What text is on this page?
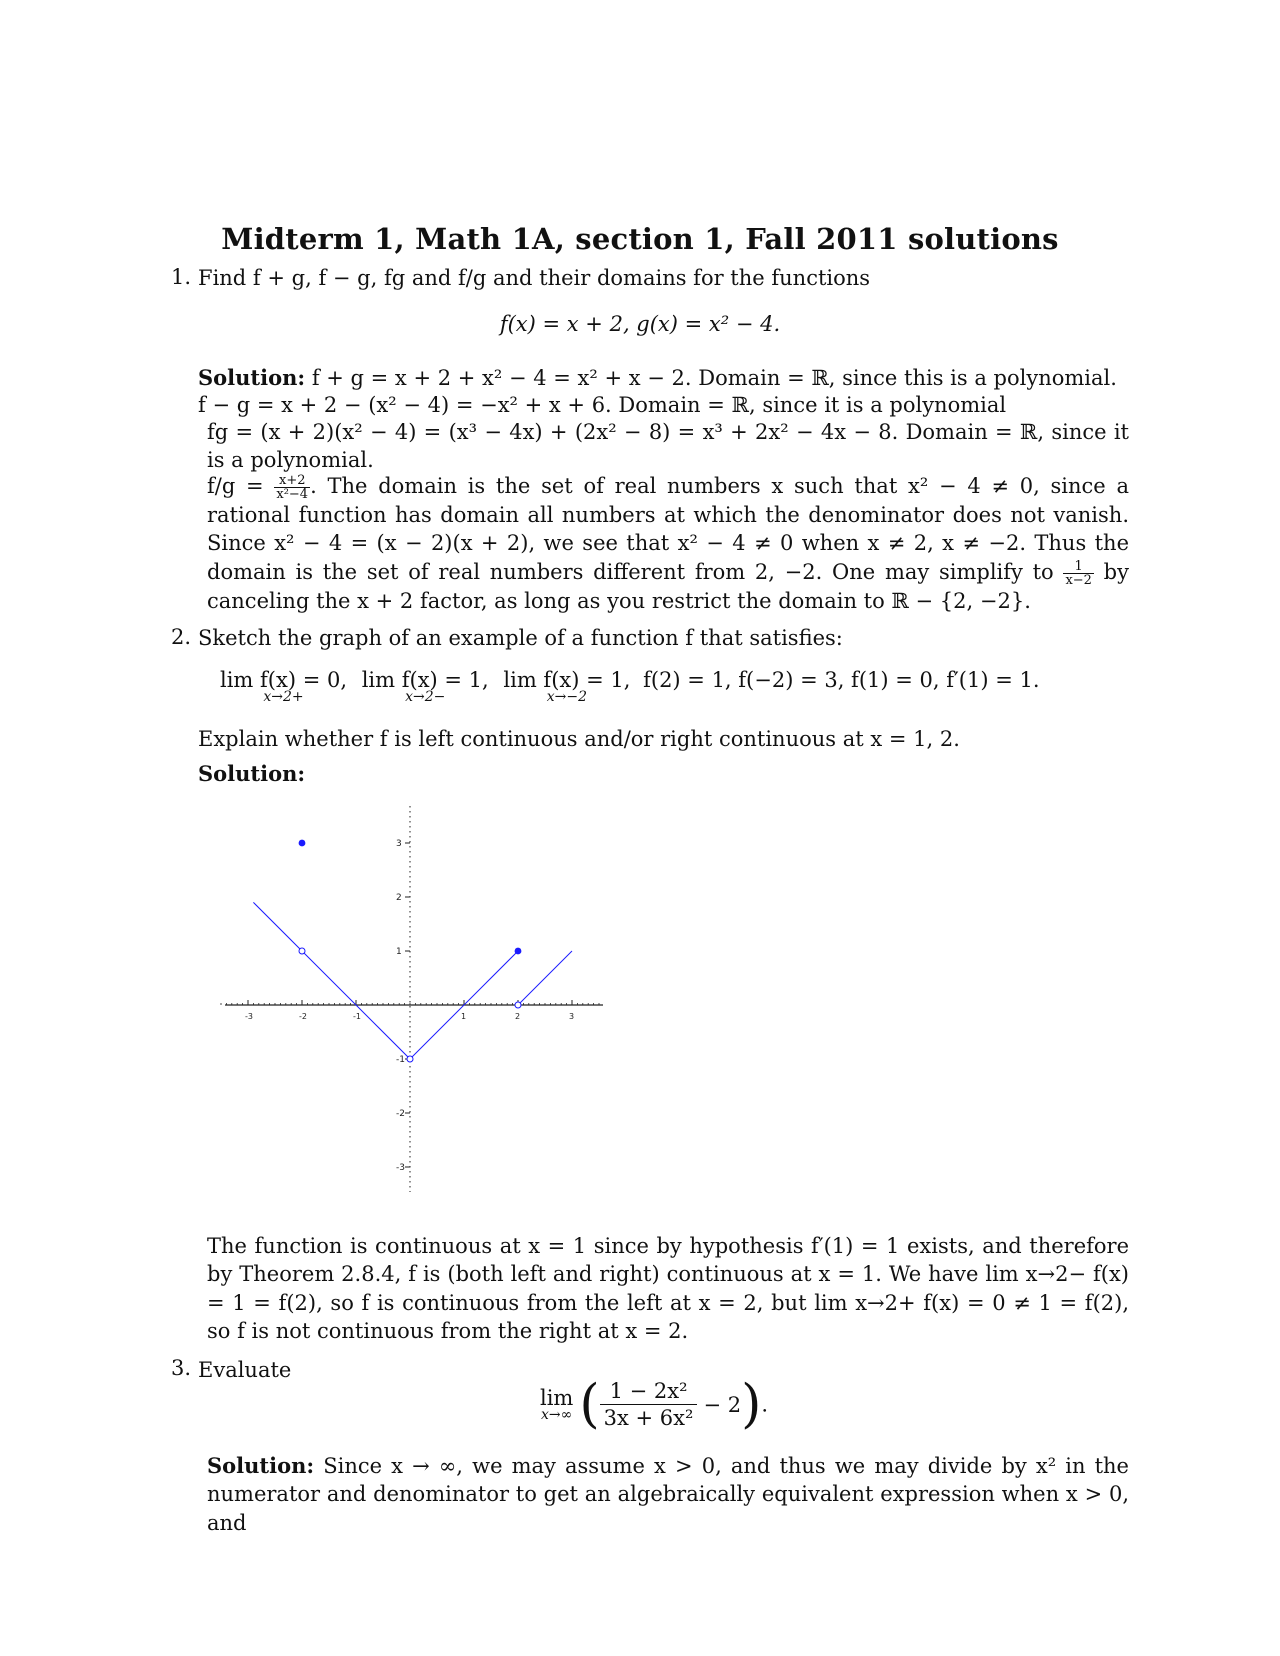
Midterm 1, Math 1A, section 1, Fall 2011 solutions
1. Find f + g, f − g, fg and f/g and their domains for the functions
f(x) = x + 2, g(x) = x² − 4.
Solution: f + g = x + 2 + x² − 4 = x² + x − 2. Domain = ℝ, since this is a polynomial.
f − g = x + 2 − (x² − 4) = −x² + x + 6. Domain = ℝ, since it is a polynomial
fg = (x + 2)(x² − 4) = (x³ − 4x) + (2x² − 8) = x³ + 2x² − 4x − 8. Domain = ℝ, since it is a polynomial.
$f/g = \frac{x+2}{\text{x²−4}}$ . The domain is the set of real numbers x such that x² − 4 ≠ 0, since a rational function has domain all numbers at which the denominator does not vanish. Since x² − 4 = (x − 2)(x + 2), we see that x² − 4 ≠ 0 when x ≠ 2, x ≠ −2. Thus the domain is the set of real numbers different from 2, −2. One may simplify to $\frac{1}{x-2}$ by canceling the x + 2 factor, as long as you restrict the domain to ℝ − {2, −2}.
2. Sketch the graph of an example of a function f that satisfies:
lim f(x) = 0,
x→2+
lim f(x) = 1,
x→2−
lim f(x) = 1,
x→−2
f(2) = 1, f(−2) = 3, f(1) = 0, f′(1) = 1.
Explain whether f is left continuous and/or right continuous at x = 1, 2.
Solution:
-3	-2	-1	1	2	3
3
2
1
-1
-2
-3
The function is continuous at x = 1 since by hypothesis f′(1) = 1 exists, and therefore by Theorem 2.8.4, f is (both left and right) continuous at x = 1. We have lim x→2− f(x) = 1 = f(2), so f is continuous from the left at x = 2, but lim x→2+ f(x) = 0 ≠ 1 = f(2), so f is not continuous from the right at x = 2.
3. Evaluate
lim
x→∞ ( $\frac{\text{1 − 2x²}}{\text{3x + 6x²}} - 2$).
Solution: Since x → ∞, we may assume x > 0, and thus we may divide by x² in the numerator and denominator to get an algebraically equivalent expression when x > 0, and
